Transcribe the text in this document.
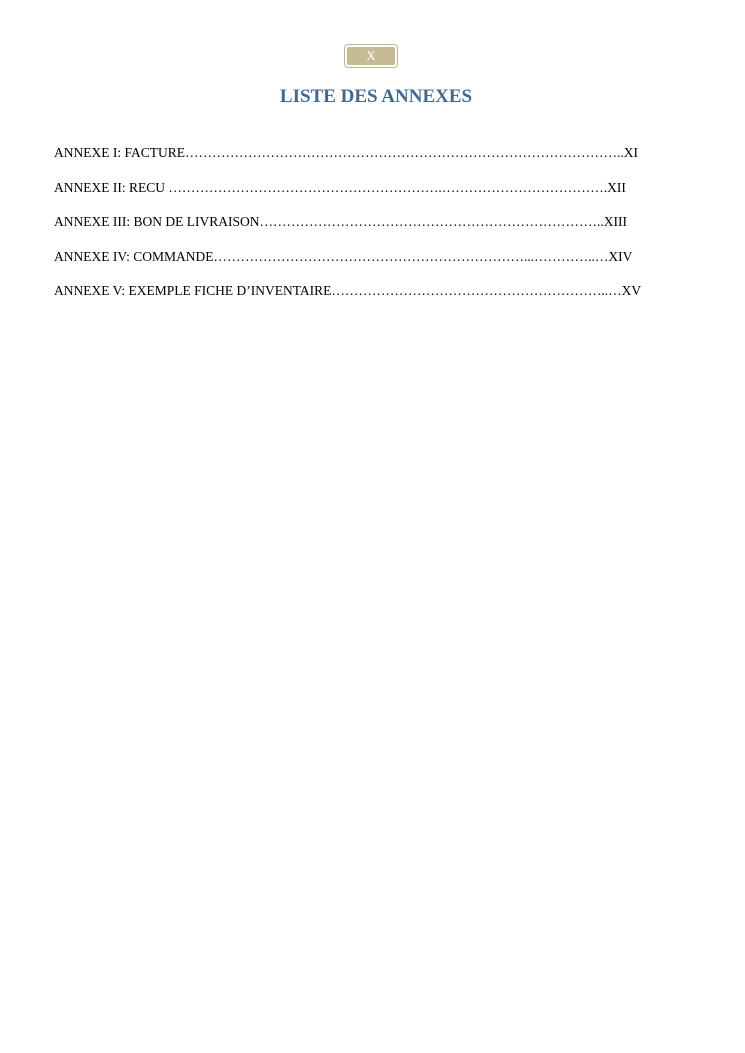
X
LISTE DES ANNEXES
ANNEXE I: FACTURE……………………………………………………………………………………..XI
ANNEXE II: RECU …………………………………………………….……………………………….XII
ANNEXE III: BON DE LIVRAISON…………………………………………………………………..XIII
ANNEXE IV: COMMANDE……………………………………………………………...…………..…XIV
ANNEXE V: EXEMPLE FICHE D’INVENTAIRE……………………………………………………..…XV
